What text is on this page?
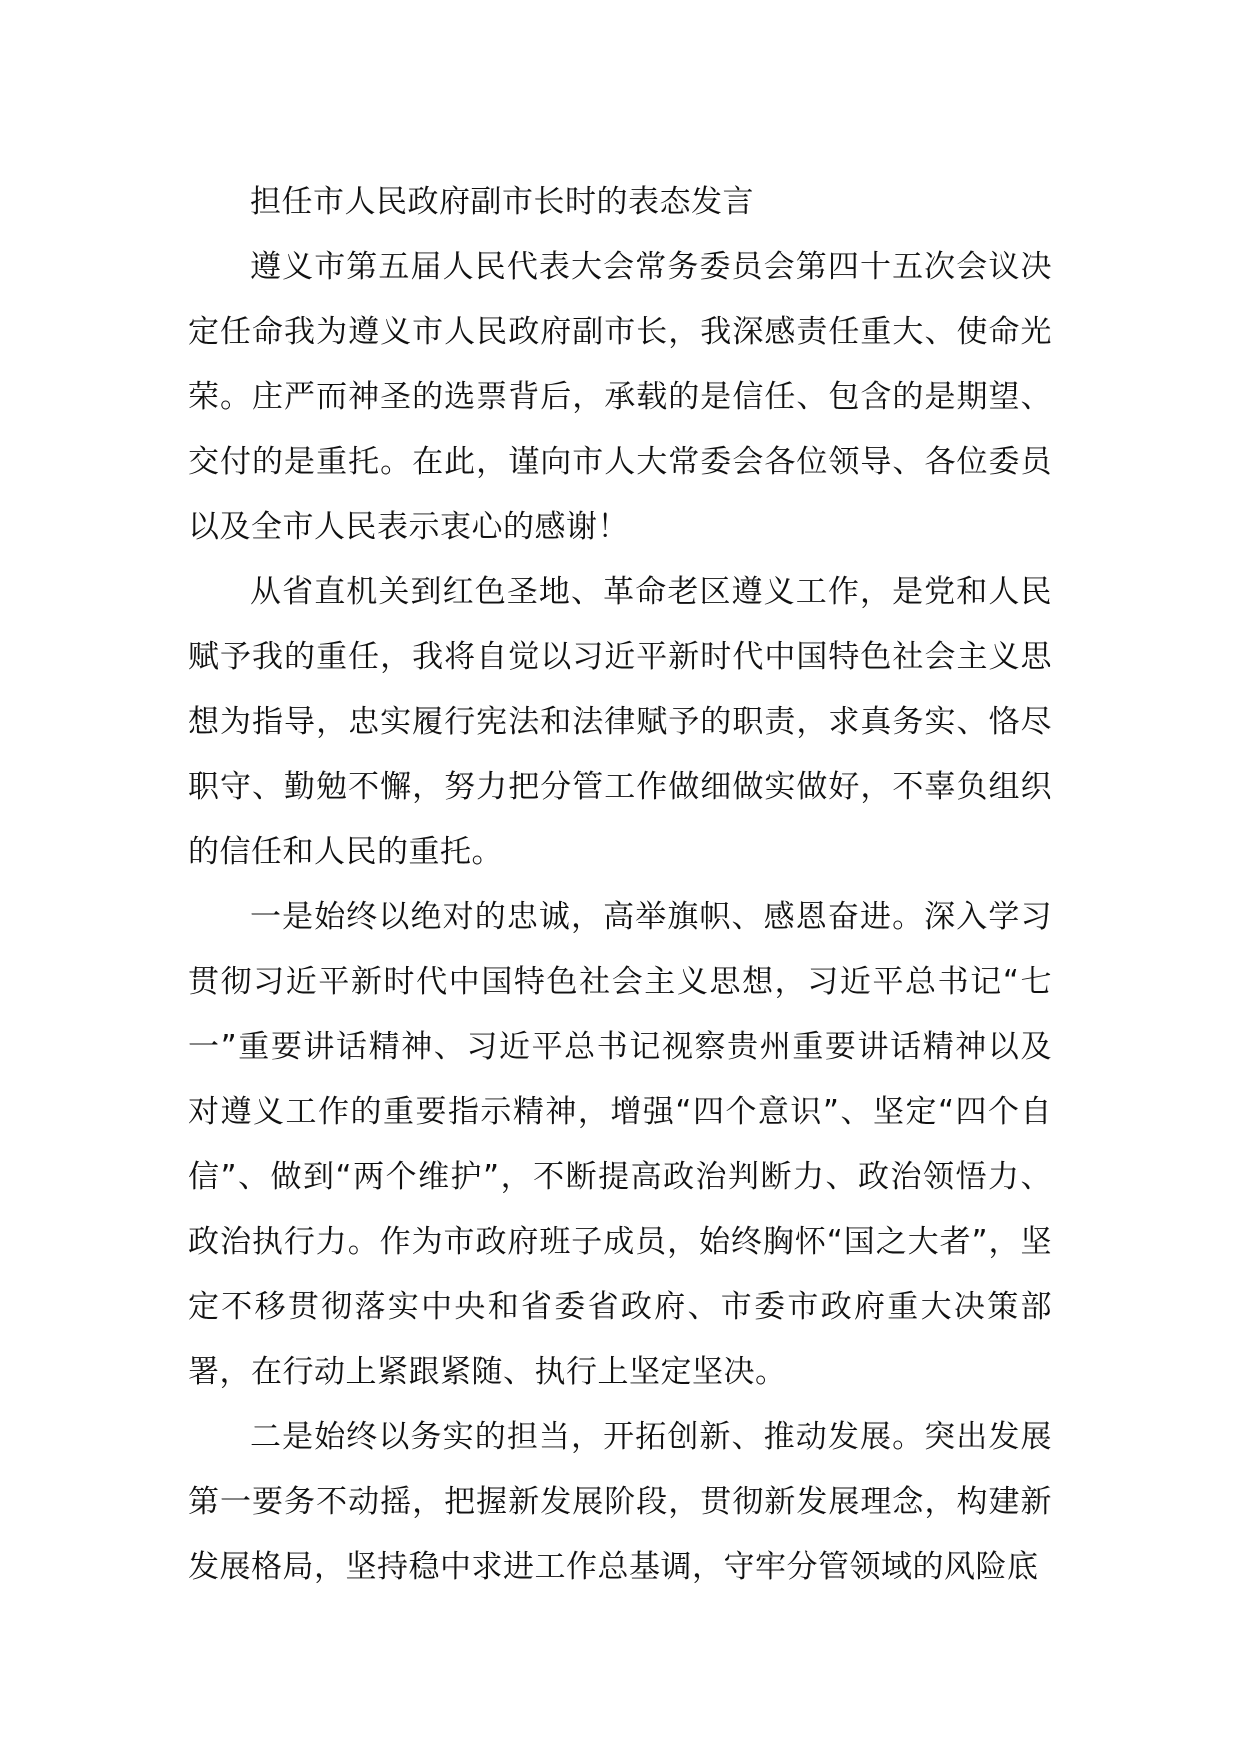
担任市人民政府副市长时的表态发言

遵义市第五届人民代表大会常务委员会第四十五次会议决定任命我为遵义市人民政府副市长，我深感责任重大、使命光荣。庄严而神圣的选票背后，承载的是信任、包含的是期望、交付的是重托。在此，谨向市人大常委会各位领导、各位委员以及全市人民表示衷心的感谢！

从省直机关到红色圣地、革命老区遵义工作，是党和人民赋予我的重任，我将自觉以习近平新时代中国特色社会主义思想为指导，忠实履行宪法和法律赋予的职责，求真务实、恪尽职守、勤勉不懈，努力把分管工作做细做实做好，不辜负组织的信任和人民的重托。

一是始终以绝对的忠诚，高举旗帜、感恩奋进。深入学习贯彻习近平新时代中国特色社会主义思想，习近平总书记“七一”重要讲话精神、习近平总书记视察贵州重要讲话精神以及对遵义工作的重要指示精神，增强“四个意识”、坚定“四个自信”、做到“两个维护”，不断提高政治判断力、政治领悟力、政治执行力。作为市政府班子成员，始终胸怀“国之大者”，坚定不移贯彻落实中央和省委省政府、市委市政府重大决策部署，在行动上紧跟紧随、执行上坚定坚决。

二是始终以务实的担当，开拓创新、推动发展。突出发展第一要务不动摇，把握新发展阶段，贯彻新发展理念，构建新发展格局，坚持稳中求进工作总基调，守牢分管领域的风险底
